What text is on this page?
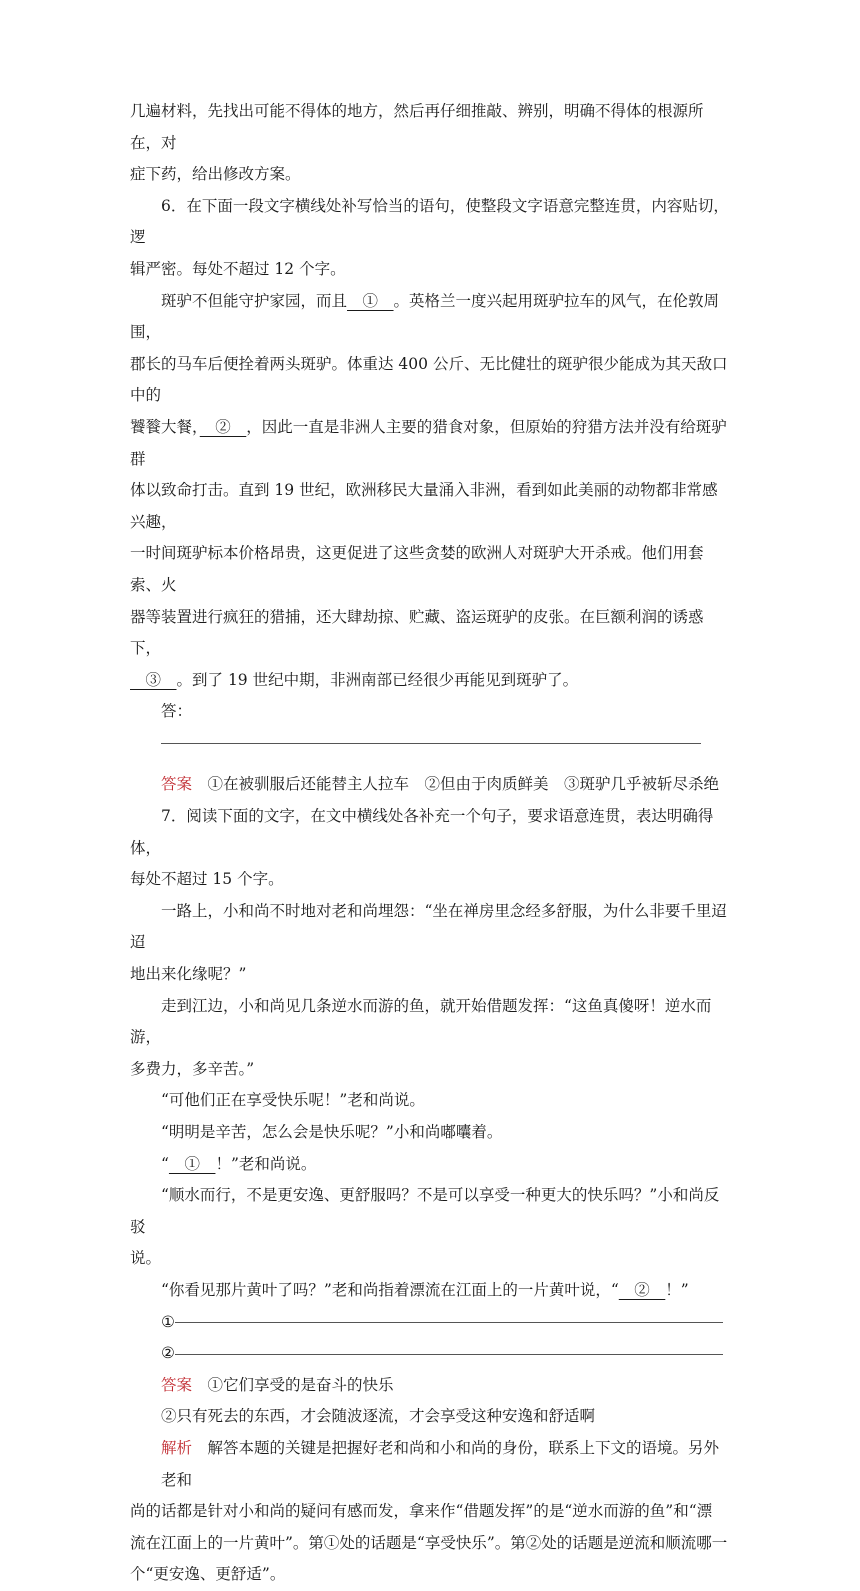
几遍材料，先找出可能不得体的地方，然后再仔细推敲、辨别，明确不得体的根源所在，对

症下药，给出修改方案。

6．在下面一段文字横线处补写恰当的语句，使整段文字语意完整连贯，内容贴切，逻

辑严密。每处不超过 12 个字。

斑驴不但能守护家园，而且　①　。英格兰一度兴起用斑驴拉车的风气，在伦敦周围，

郡长的马车后便拴着两头斑驴。体重达 400 公斤、无比健壮的斑驴很少能成为其天敌口中的

饕餮大餐，　②　，因此一直是非洲人主要的猎食对象，但原始的狩猎方法并没有给斑驴群

体以致命打击。直到 19 世纪，欧洲移民大量涌入非洲，看到如此美丽的动物都非常感兴趣，

一时间斑驴标本价格昂贵，这更促进了这些贪婪的欧洲人对斑驴大开杀戒。他们用套索、火

器等装置进行疯狂的猎捕，还大肆劫掠、贮藏、盗运斑驴的皮张。在巨额利润的诱惑下，

　③　。到了 19 世纪中期，非洲南部已经很少再能见到斑驴了。

答：

答案　 ①在被驯服后还能替主人拉车　②但由于肉质鲜美　③斑驴几乎被斩尽杀绝

7．阅读下面的文字，在文中横线处各补充一个句子，要求语意连贯，表达明确得体，

每处不超过 15 个字。

一路上，小和尚不时地对老和尚埋怨：“坐在禅房里念经多舒服，为什么非要千里迢迢

地出来化缘呢？”

走到江边，小和尚见几条逆水而游的鱼，就开始借题发挥：“这鱼真傻呀！逆水而游，

多费力，多辛苦。”

“可他们正在享受快乐呢！”老和尚说。

“明明是辛苦，怎么会是快乐呢？”小和尚嘟囔着。

“　①　！”老和尚说。

“顺水而行，不是更安逸、更舒服吗？不是可以享受一种更大的快乐吗？”小和尚反驳

说。

“你看见那片黄叶了吗？”老和尚指着漂流在江面上的一片黄叶说，“　②　！”

①
②

答案　 ①它们享受的是奋斗的快乐

②只有死去的东西，才会随波逐流，才会享受这种安逸和舒适啊

解析　 解答本题的关键是把握好老和尚和小和尚的身份，联系上下文的语境。另外老和

尚的话都是针对小和尚的疑问有感而发，拿来作“借题发挥”的是“逆水而游的鱼”和“漂

流在江面上的一片黄叶”。第①处的话题是“享受快乐”。第②处的话题是逆流和顺流哪一

个“更安逸、更舒适”。
